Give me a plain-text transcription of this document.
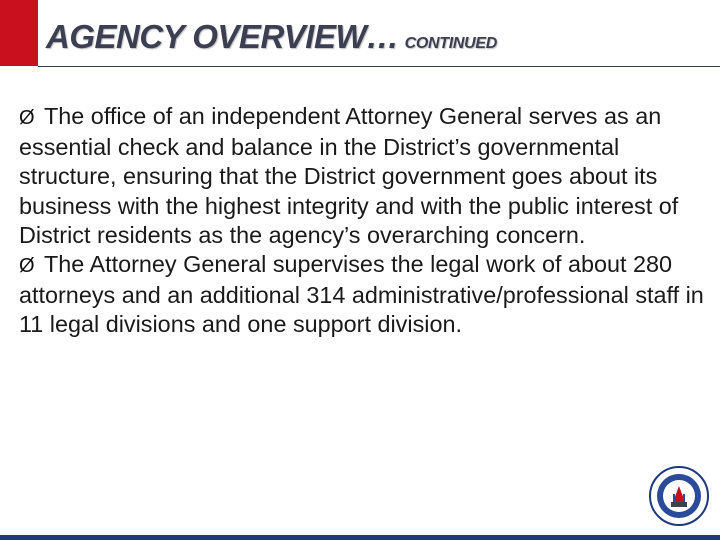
AGENCY OVERVIEW… CONTINUED

Ø The office of an independent Attorney General serves as an essential check and balance in the District’s governmental structure, ensuring that the District government goes about its business with the highest integrity and with the public interest of District residents as the agency’s overarching concern.

Ø The Attorney General supervises the legal work of about 280 attorneys and an additional 314 administrative/professional staff in 11 legal divisions and one support division.
